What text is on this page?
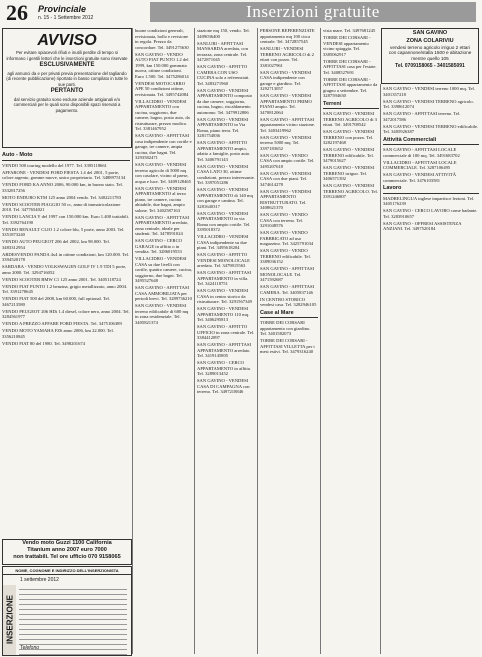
26 Provinciale
n. 15 - 1 Settembre 2012	Inserzioni gratuite
AVVISO
Per evitare spiacevoli rifiuti e inutili perdite di tempo si informano i gentili lettori che le inserzioni gratuite sono riservate
ESCLUSIVAMENTE
agli annunci da e per privati previa presentazione del tagliando (di recente pubblicazione) riportato in basso compilato in tutte le sue parti.
PERTANTO
dal servizio gratuito sono escluse aziende artigianali e/o commerciali per le quali sono disponibili spazi riservati a pagamento.
Auto - Moto

VENDO 500 touring modello del 1977. Tel. 3395118661

AFFARONE - VENDESI FORD FIESTA 1.4 del 2001, 5 porte, colore argento, gomme nuove, unico proprietario. Tel. 3488975134

VENDO FORD KA ANNO 2006, 90.000 km, in buono stato. Tel. 3332817256

MOTO ENDURO KTM 125 anno 2004 vendo. Tel. 3402211783

VENDO SCOOTER PIAGGIO 50 cc, anno di immatricolazione 2010. Tel. 3477654021

VENDO LANCIA Y del 1997 con 150.000 km. Euro 1.400 trattabili. Tel. 3392764190

VENDO RENAULT CLIO 1.2 colore blu, 5 porte, anno 2003. Tel. 3351873240

VENDO AUTO PEUGEOT 206 del 2002, km 98.000. Tel. 3483312954

ARDESVENDO PANDA 4x4 in ottime condizioni, km 120.000. Tel. 3394520178

SARDARA - VENDO VOLKSWAGEN GOLF IV 1.9 TDI 5 porte, anno 2000. Tel. 3294716052

VENDO SCOOTER BMW C1 125 anno 2001. Tel. 3405118724

VENDO FIAT PUNTO 1.2 benzina, grigio metallizzato, anno 2004. Tel. 3391278645

VENDO FIAT 500 del 2008, km 60.000, full optional. Tel. 3467213580

VENDO PEUGEOT 206 HDi 1.4 diesel, colore nero, anno 2004. Tel. 3284561977

VENDO A PREZZO AFFARE FORD FIESTA. Tel. 3475106389

VENDO MOTO YAMAHA FZ6 anno 2006, km 22.000. Tel. 3356210845

VENDO FIAT 80 del 1980. Tel. 3498201674

Vendo moto Guzzi 1100 California
Titanium anno 2007 euro 7000
non trattabili. Tel ore ufficio 070 9158065
NOME, COGNOME E INDIRIZZO DELL'INSERZIONISTA
1 settembre 2012
INSERZIONE
Telefono

buone condizioni generali, revisionata, bollo e revisione in regola. Prezzo da concordare. Tel. 3491275630

SAN GAVINO - VENDO AUTO FIAT PUNTO 1.2 del 1999, km 150.000 gommata nuova, ottime condizioni. Euro 1.500. Tel. 3475286014

VENDESI MOTOCARRO APE 50 condizioni ottime, revisionata. Tel. 3495742084

VILLACIDRO - VENDESI APPARTAMENTO con cucina, soggiorno, due camere, bagno, posto auto, da ristrutturare, prezzo modico. Tel. 3381467952

SAN GAVINO - AFFITTASI casa indipendente con cortile e garage, tre camere, ampia cucina, due bagni. Tel. 3293582471

SAN GAVINO - VENDESI terreno agricolo di 5000 mq con casolare, vicino al paese, acqua e luce. Tel. 3409128465

SAN GAVINO - VENDESI APPARTAMENTO al terzo piano, tre camere, cucina abitabile, due bagni, ampio salone. Tel. 3402587163

SAN GAVINO - AFFITTASI APPARTAMENTO arredato, zona centrale, ideale per studenti. Tel. 3478591024

SAN GAVINO - CERCO GARAGE in affitto o in vendita. Tel. 3286019553

VILLACIDRO - VENDESI CASA su due livelli con cortile, quattro camere, cucina, soggiorno, due bagni. Tel. 3495527648

SAN GAVINO - AFFITTASI CASA AMMOBILIATA per periodi brevi. Tel. 3289736210

SAN GAVINO - VENDESI terreno edificabile di 600 mq in zona residenziale. Tel. 3405821374

stazione mq 150, vendo. Tel. 3409036400

SANLURI - AFFITTASI MANSARDA arredata, con terrazza, zona centrale. Tel. 3472871045

SAN GAVINO - AFFITTO CAMERA CON USO CUCINA solo a referenziati. Tel. 3483271960

SAN GAVINO - VENDESI APPARTAMENTO composto da due camere, soggiorno, cucina, bagno, riscaldamento autonomo. Tel. 3479912806

SAN GAVINO - VENDESI APPARTAMENTO in Via Roma, piano terra. Tel. 3281754836

SAN GAVINO - AFFITTO APPARTAMENTO ampio, adatto a famiglie, posto auto. Tel. 3406791143

SAN GAVINO - VENDESI CASA LATO 30, ottime condizioni, prezzo interessante. Tel. 3397051286

SAN GAVINO - VENDESI APPARTAMENTO di 140 mq con garage e cantina. Tel. 3281640317

SAN GAVINO - VENDESI APPARTAMENTO in via Roma con ampio cortile. Tel. 3395018372

VILLACIDRO - VENDESI CASA indipendente su due piani. Tel. 3495618204

SAN GAVINO - AFFITTO VENDESI MONOLOCALE arredato. Tel. 3479815563

SAN GAVINO - AFFITTASI APPARTAMENTO in villa. Tel. 3424118751

SAN GAVINO - VENDESI CASA in centro storico da ristrutturare. Tel. 3291567349

SAN GAVINO - VENDESI APPARTAMENTO 110 mq. Tel. 3406295813

SAN GAVINO - AFFITTO UFFICIO in zona centrale. Tel. 3384412897

SAN GAVINO - AFFITTASI APPARTAMENTO arredato. Tel. 3419145805

SAN GAVINO - CERCO APPARTAMENTO in affitto. Tel. 3289013452

SAN GAVINO - VENDESI CASA DI CAMPAGNA con terreno. Tel. 3497218846

PERSONE REFERENZIATE appartamento mq 100 circa centrale. Tel. 3472857545

SANLURI - VENDESI TERRENO AGRICOLO di 2 ettari con pozzo. Tel. 3381027961

SAN GAVINO - VENDESI CASA indipendente con garage e giardino. Tel. 3292713057

SAN GAVINO - VENDESI APPARTAMENTO PRIMO PIANO ampio. Tel. 3470812064

SAN GAVINO - AFFITTASI appartamento vicino stazione. Tel. 3403419962

SAN GAVINO - VENDESI terreno 5000 mq. Tel. 3397183652

SAN GAVINO - VENDO CASA con ampio cortile. Tel. 3495207618

SAN GAVINO - VENDESI CASA con due piani. Tel. 3474614278

SAN GAVINO - VENDESI APPARTAMENTO RISTRUTTURATO. Tel. 3408621370

SAN GAVINO - VENDO CASA con terreno. Tel. 3291048576

SAN GAVINO - VENDO FABBRICATO ad uso magazzino. Tel. 3425791034

SAN GAVINO - VENDO TERRENO edificabile. Tel. 3389036152

SAN GAVINO - AFFITTASI MONOLOCALE. Tel. 3471592687

SAN GAVINO - AFFITTASI CAMERA. Tel. 3405837146

IN CENTRO STORICO vendesi casa. Tel. 3282946105

Case al Mare

TORRE DEI CORSARI appartamento con giardino. Tel. 3401582073

TORRE DEI CORSARI - AFFITTASI VILLETTA per i mesi estivi. Tel. 3479316240

vista mare. Tel. 3497681245

TORRE DEI CORSARI - VENDESI appartamento vicino spiaggia. Tel. 3385062917

TORRE DEI CORSARI - AFFITTASI casa per l'estate. Tel. 3408527691

TORRE DEI CORSARI - AFFITTASI appartamento da giugno a settembre. Tel. 3287594630

Terreni

SAN GAVINO - VENDESI TERRENO AGRICOLO di 3 ettari. Tel. 3491708542

SAN GAVINO - VENDESI TERRENO con pozzo. Tel. 3282197468

SAN GAVINO - VENDESI TERRENO edificabile. Tel. 3479015627

SAN GAVINO - VENDESI TERRENO irriguo. Tel. 3406571392

SAN GAVINO - VENDESI TERRENO AGRICOLO. Tel. 3391246807

SAN GAVINO
ZONA COLARIVIU
vendesi terreno agricolo irriguo 2 ettari
con capannone/stalla 1500 e abitazione
mentre quello 105
Tel. 0709158065 - 3401585091

SAN GAVINO - VENDESI terreno 1000 mq. Tel. 3401357218

SAN GAVINO - VENDESI TERRENO agricolo. Tel. 3398612074

SAN GAVINO - AFFITTASI terreno. Tel. 3472017586

SAN GAVINO - VENDESI TERRENO edificabile. Tel. 3405926387

Attività Commerciali

SAN GAVINO - AFFITTASI LOCALE commerciale di 100 mq. Tel. 3491683702

VILLACIDRO - AFFITTASI LOCALE COMMERCIALE. Tel. 3287106495

SAN GAVINO - VENDESI ATTIVITÀ commerciale. Tel. 3476103581

Lavoro

MADRELINGUA inglese impartisce lezioni. Tel. 3405176239

SAN GAVINO - CERCO LAVORO come badante. Tel. 3283910657

SAN GAVINO - OFFRESI ASSISTENZA ANZIANI. Tel. 3497520184
